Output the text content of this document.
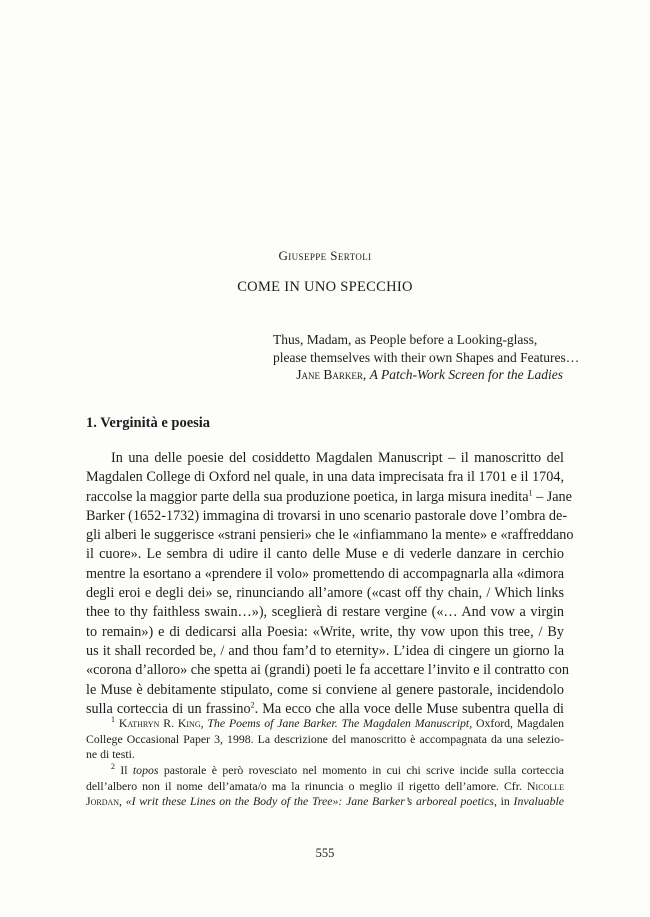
Giuseppe Sertoli
COME IN UNO SPECCHIO
Thus, Madam, as People before a Looking-glass,
please themselves with their own Shapes and Features…
Jane Barker, A Patch-Work Screen for the Ladies
1. Verginità e poesia
In una delle poesie del cosiddetto Magdalen Manuscript – il manoscritto del
Magdalen College di Oxford nel quale, in una data imprecisata fra il 1701 e il 1704,
raccolse la maggior parte della sua produzione poetica, in larga misura inedita$^1$ – Jane
Barker (1652-1732) immagina di trovarsi in uno scenario pastorale dove l’ombra de-
gli alberi le suggerisce «strani pensieri» che le «infiammano la mente» e «raffreddano
il cuore». Le sembra di udire il canto delle Muse e di vederle danzare in cerchio
mentre la esortano a «prendere il volo» promettendo di accompagnarla alla «dimora
degli eroi e degli dei» se, rinunciando all’amore («cast off thy chain, / Which links
thee to thy faithless swain…»), sceglierà di restare vergine («… And vow a virgin
to remain») e di dedicarsi alla Poesia: «Write, write, thy vow upon this tree, / By
us it shall recorded be, / and thou fam’d to eternity». L’idea di cingere un giorno la
«corona d’alloro» che spetta ai (grandi) poeti le fa accettare l’invito e il contratto con
le Muse è debitamente stipulato, come si conviene al genere pastorale, incidendolo
sulla corteccia di un frassino$^2$. Ma ecco che alla voce delle Muse subentra quella di
$^1$ Kathryn R. King, The Poems of Jane Barker. The Magdalen Manuscript, Oxford, Magdalen
College Occasional Paper 3, 1998. La descrizione del manoscritto è accompagnata da una selezio-
ne di testi.
$^2$ Il topos pastorale è però rovesciato nel momento in cui chi scrive incide sulla corteccia
dell’albero non il nome dell’amata/o ma la rinuncia o meglio il rigetto dell’amore. Cfr. Nicolle
Jordan, «I writ these Lines on the Body of the Tree»: Jane Barker’s arboreal poetics, in Invaluable
555
